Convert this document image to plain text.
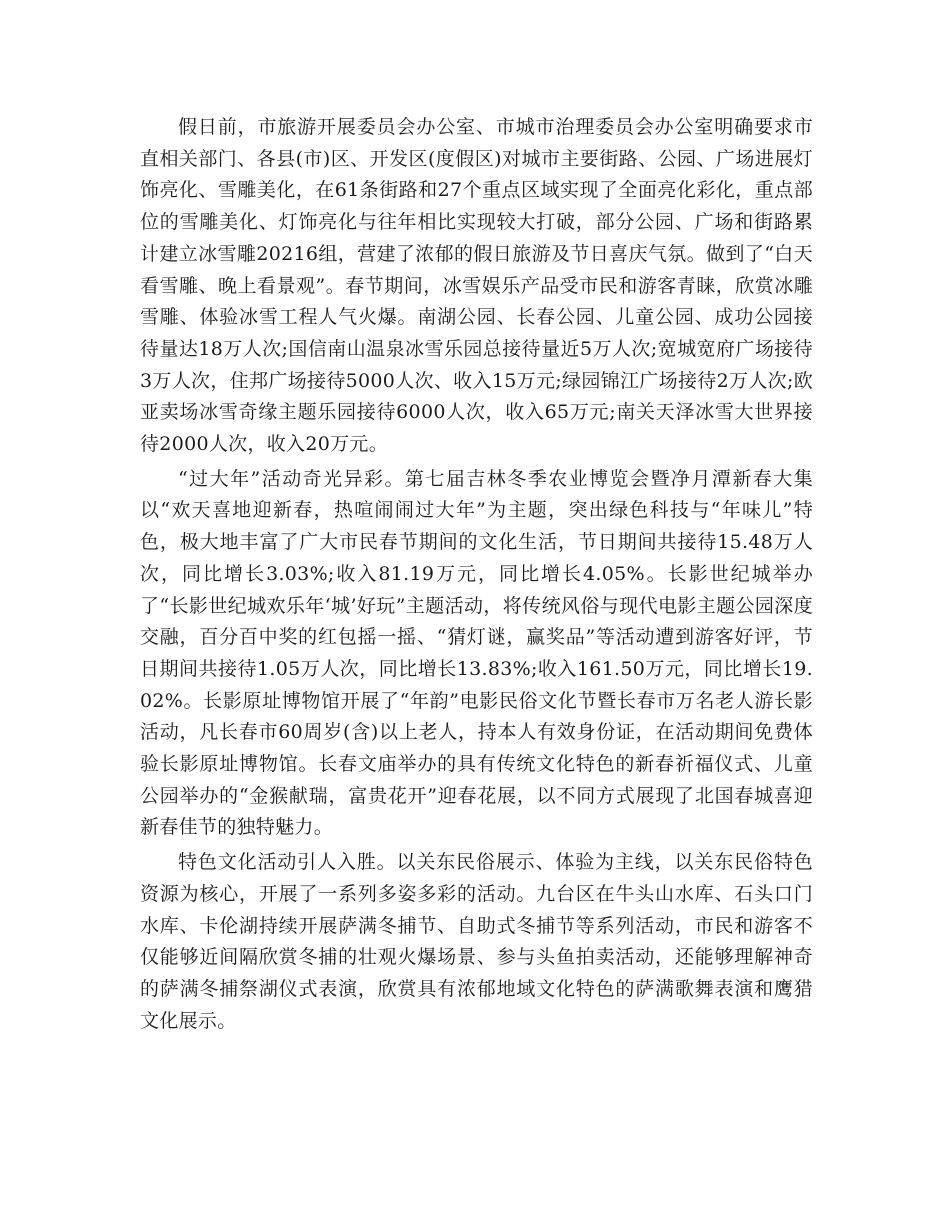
假日前，市旅游开展委员会办公室、市城市治理委员会办公室明确要求市直相关部门、各县(市)区、开发区(度假区)对城市主要街路、公园、广场进展灯饰亮化、雪雕美化，在61条街路和27个重点区域实现了全面亮化彩化，重点部位的雪雕美化、灯饰亮化与往年相比实现较大打破，部分公园、广场和街路累计建立冰雪雕20216组，营建了浓郁的假日旅游及节日喜庆气氛。做到了“白天看雪雕、晚上看景观”。春节期间，冰雪娱乐产品受市民和游客青睐，欣赏冰雕雪雕、体验冰雪工程人气火爆。南湖公园、长春公园、儿童公园、成功公园接待量达18万人次;国信南山温泉冰雪乐园总接待量近5万人次;宽城宽府广场接待3万人次，住邦广场接待5000人次、收入15万元;绿园锦江广场接待2万人次;欧亚卖场冰雪奇缘主题乐园接待6000人次，收入65万元;南关天泽冰雪大世界接待2000人次，收入20万元。

“过大年”活动奇光异彩。第七届吉林冬季农业博览会暨净月潭新春大集以“欢天喜地迎新春，热喧闹闹过大年”为主题，突出绿色科技与“年味儿”特色，极大地丰富了广大市民春节期间的文化生活，节日期间共接待15.48万人次，同比增长3.03%;收入81.19万元，同比增长4.05%。长影世纪城举办了“长影世纪城欢乐年‘城’好玩”主题活动，将传统风俗与现代电影主题公园深度交融，百分百中奖的红包摇一摇、“猜灯谜，赢奖品”等活动遭到游客好评，节日期间共接待1.05万人次，同比增长13.83%;收入161.50万元，同比增长19.02%。长影原址博物馆开展了“年韵”电影民俗文化节暨长春市万名老人游长影活动，凡长春市60周岁(含)以上老人，持本人有效身份证，在活动期间免费体验长影原址博物馆。长春文庙举办的具有传统文化特色的新春祈福仪式、儿童公园举办的“金猴献瑞，富贵花开”迎春花展，以不同方式展现了北国春城喜迎新春佳节的独特魅力。

特色文化活动引人入胜。以关东民俗展示、体验为主线，以关东民俗特色资源为核心，开展了一系列多姿多彩的活动。九台区在牛头山水库、石头口门水库、卡伦湖持续开展萨满冬捕节、自助式冬捕节等系列活动，市民和游客不仅能够近间隔欣赏冬捕的壮观火爆场景、参与头鱼拍卖活动，还能够理解神奇的萨满冬捕祭湖仪式表演，欣赏具有浓郁地域文化特色的萨满歌舞表演和鹰猎文化展示。
